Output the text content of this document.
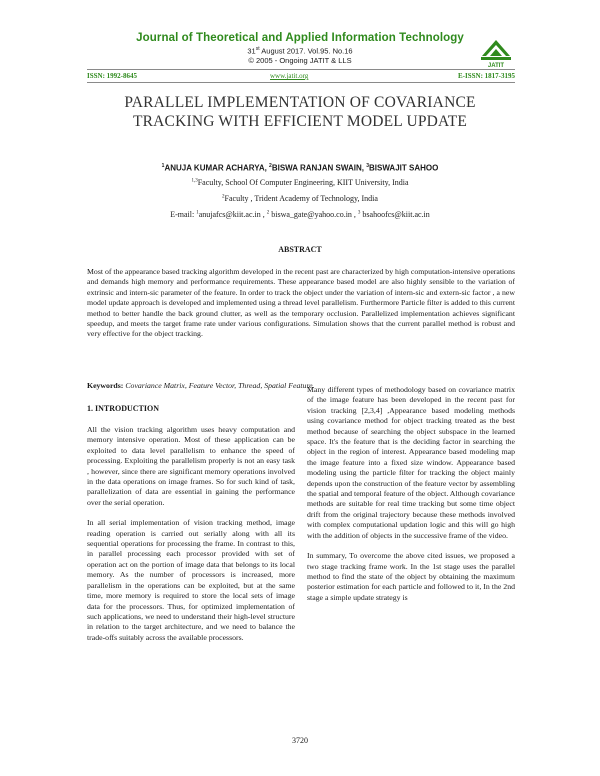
Journal of Theoretical and Applied Information Technology
31st August 2017. Vol.95. No.16
© 2005 - Ongoing JATIT & LLS
JATIT
ISSN: 1992-8645	www.jatit.org	E-ISSN: 1817-3195
PARALLEL IMPLEMENTATION OF COVARIANCE
TRACKING WITH EFFICIENT MODEL UPDATE
$^1$ANUJA KUMAR ACHARYA, $^2$BISWA RANJAN SWAIN, $^3$BISWAJIT SAHOO
$^{1,3}$Faculty, School Of Computer Engineering, KIIT University, India
$^2$Faculty , Trident Academy of Technology, India
E-mail: $^1$anujafcs@kiit.ac.in , $^2$ biswa_gate@yahoo.co.in , $^3$ bsahoofcs@kiit.ac.in
ABSTRACT
Most of the appearance based tracking algorithm developed in the recent past are characterized by high computation-intensive operations and demands high memory and performance requirements. These appearance based model are also highly sensible to the variation of extrinsic and intern-sic parameter of the feature. In order to track the object under the variation of intern-sic and extern-sic factor , a new model update approach is developed and implemented using a thread level parallelism. Furthermore Particle filter is added to this current method to better handle the back ground clutter, as well as the temporary occlusion. Parallelized implementation achieves significant speedup, and meets the target frame rate under various configurations. Simulation shows that the current parallel method is robust and very effective for the object tracking.
Keywords: Covariance Matrix, Feature Vector, Thread, Spatial Feature.
1. INTRODUCTION

All the vision tracking algorithm uses heavy computation and memory intensive operation. Most of these application can be exploited to data level parallelism to enhance the speed of processing. Exploiting the parallelism properly is not an easy task , however, since there are significant memory operations involved in the data operations on image frames. So for such kind of task, parallelization of data are essential in gaining the performance over the serial operation.

In all serial implementation of vision tracking method, image reading operation is carried out serially along with all its sequential operations for processing the frame. In contrast to this, in parallel processing each processor provided with set of operation act on the portion of image data that belongs to its local memory. As the number of processors is increased, more parallelism in the operations can be exploited, but at the same time, more memory is required to store the local sets of image data for the processors. Thus, for optimized implementation of such applications, we need to understand their high-level structure in relation to the target architecture, and we need to balance the trade-offs suitably across the available processors.

Many different types of methodology based on covariance matrix of the image feature has been developed in the recent past for vision tracking [2,3,4] ,Appearance based modeling methods using covariance method for object tracking treated as the best method because of searching the object subspace in the learned space. It's the feature that is the deciding factor in searching the object in the region of interest. Appearance based modeling map the image feature into a fixed size window. Appearance based modeling using the particle filter for tracking the object mainly depends upon the construction of the feature vector by assembling the spatial and temporal feature of the object. Although covariance methods are suitable for real time tracking but some time object drift from the original trajectory because these methods involved with complex computational updation logic and this will go high with the addition of objects in the successive frame of the video.

In summary, To overcome the above cited issues, we proposed a two stage tracking frame work. In the 1st stage uses the parallel method to find the state of the object by obtaining the maximum posterior estimation for each particle and followed to it, In the 2nd stage a simple update strategy is

3720
